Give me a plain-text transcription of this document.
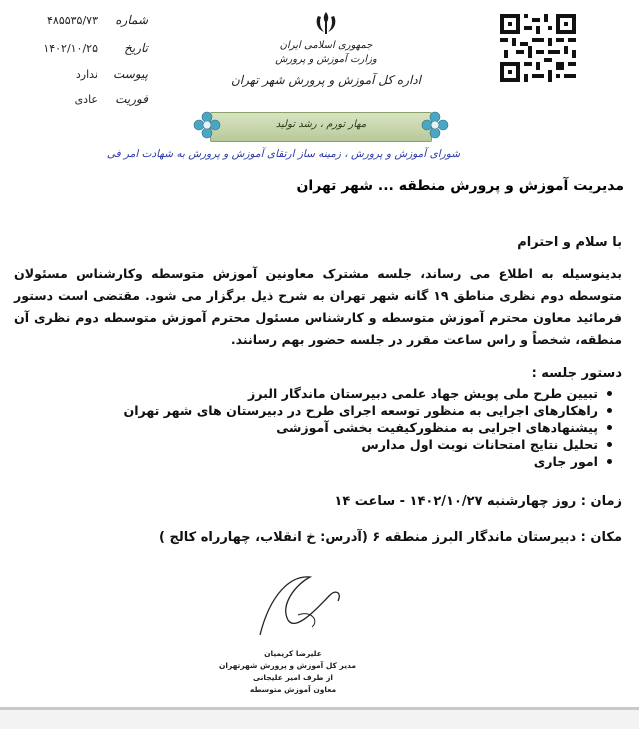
شماره
۴۸۵۵۳۵/۷۳
تاریخ
۱۴۰۲/۱۰/۲۵
پیوست
ندارد
فوریت
عادی
جمهوری اسلامی ایران
وزارت آموزش و پرورش
اداره کل آموزش و پرورش شهر تهران
مهار تورم ، رشد تولید
شورای آموزش و پرورش ، زمینه ساز ارتقای آموزش و پرورش به شهادت امر فی
مدیریت آموزش و پرورش منطقه ... شهر تهران
با سلام و احترام
بدینوسیله به اطلاع می رساند، جلسه مشترک معاونین آموزش متوسطه وکارشناس مسئولان متوسطه دوم نظری مناطق ۱۹ گانه شهر تهران به شرح ذیل برگزار می شود. مقتضی است دستور فرمائید معاون محترم آموزش متوسطه و کارشناس مسئول محترم آموزش متوسطه دوم نظری آن منطقه، شخصاً و راس ساعت مقرر در جلسه حضور بهم رسانند.
دستور جلسه :
تبیین طرح ملی پویش جهاد علمی دبیرستان ماندگار البرز
راهکارهای اجرایی به منظور توسعه اجرای طرح در دبیرستان های شهر تهران
پیشنهادهای اجرایی به منظورکیفیت بخشی آموزشی
تحلیل نتایج امتحانات نوبت اول مدارس
امور جاری
زمان : روز چهارشنبه ۱۴۰۲/۱۰/۲۷ - ساعت ۱۴
مکان : دبیرستان ماندگار البرز منطقه ۶ (آدرس: خ انقلاب، چهارراه کالج )
علیرضا کریمیان
مدیر کل آموزش و پرورش شهرتهران
از طرف امیر علیجانی
معاون آموزش متوسطه
